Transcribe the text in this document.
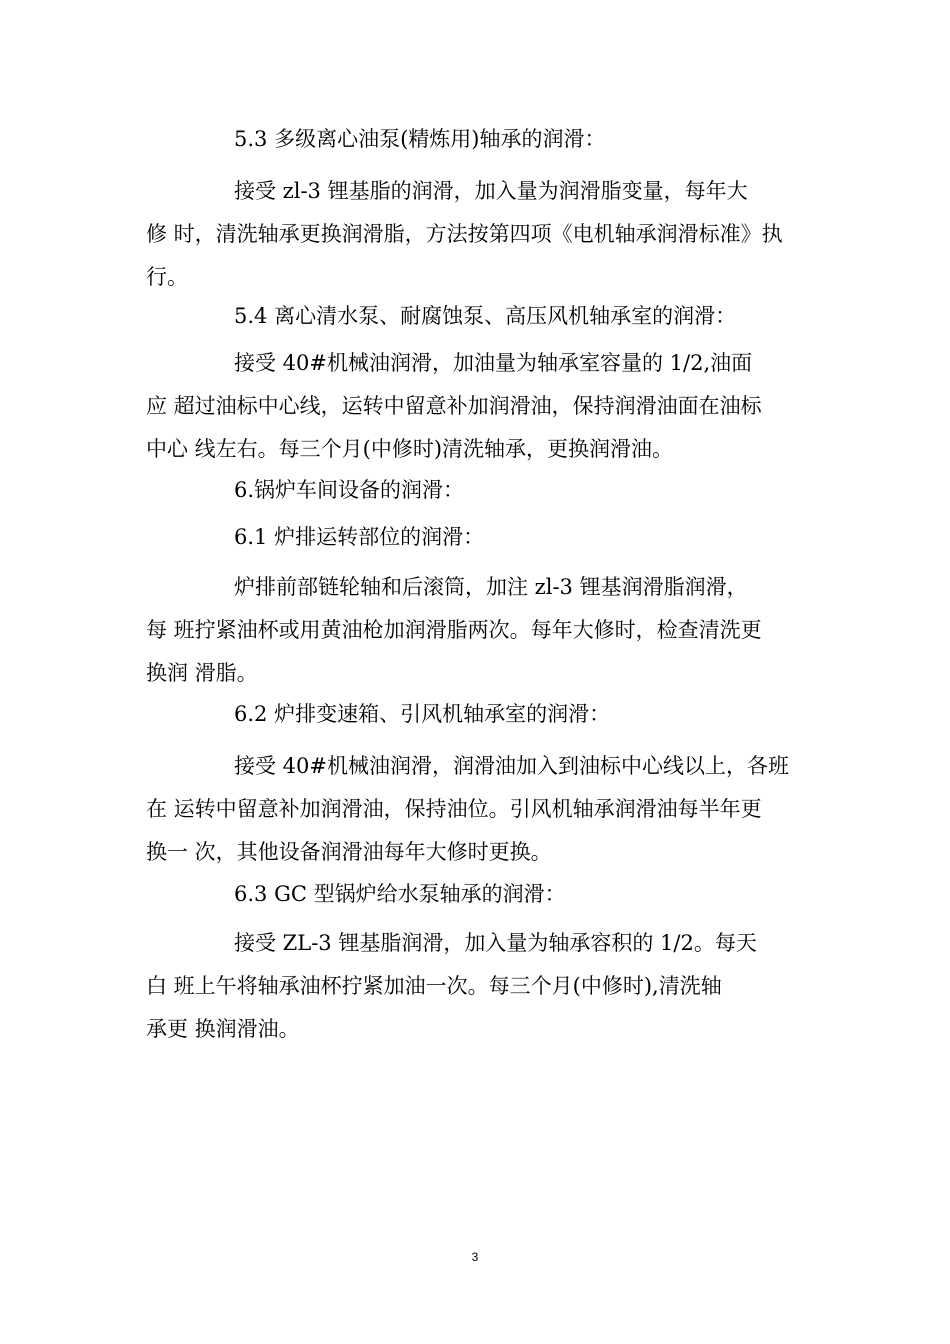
5.3 多级离心油泵(精炼用)轴承的润滑：

接受 zl-3 锂基脂的润滑，加入量为润滑脂变量，每年大
修 时，清洗轴承更换润滑脂，方法按第四项《电机轴承润滑标准》执
行。

5.4 离心清水泵、耐腐蚀泵、高压风机轴承室的润滑：

接受 40#机械油润滑，加油量为轴承室容量的 1/2,油面
应 超过油标中心线，运转中留意补加润滑油，保持润滑油面在油标
中心 线左右。每三个月(中修时)清洗轴承，更换润滑油。

6.锅炉车间设备的润滑：

6.1 炉排运转部位的润滑：

炉排前部链轮轴和后滚筒，加注 zl-3 锂基润滑脂润滑，
每 班拧紧油杯或用黄油枪加润滑脂两次。每年大修时，检查清洗更
换润 滑脂。

6.2 炉排变速箱、引风机轴承室的润滑：

接受 40#机械油润滑，润滑油加入到油标中心线以上，各班
在 运转中留意补加润滑油，保持油位。引风机轴承润滑油每半年更
换一 次，其他设备润滑油每年大修时更换。

6.3 GC 型锅炉给水泵轴承的润滑：

接受 ZL-3 锂基脂润滑，加入量为轴承容积的 1/2。每天
白 班上午将轴承油杯拧紧加油一次。每三个月(中修时),清洗轴
承更 换润滑油。
3
